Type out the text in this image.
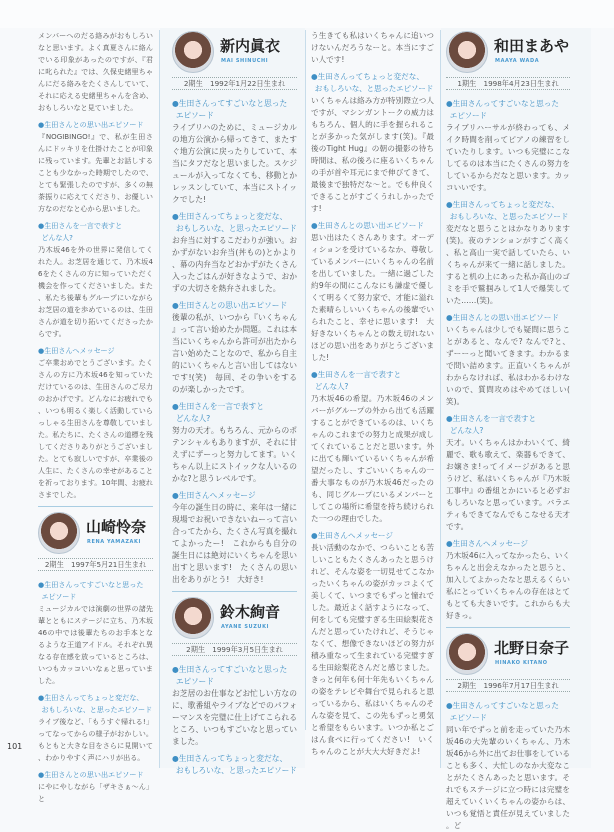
メンバーへのだる絡みがおもしろいなと思います。よく真夏さんに絡んでいる印象があったのですが、『君に叱られた』では、久保史緒里ちゃんにだる絡みをたくさんしていて、それに応える史緒里ちゃんを含め、おもしろいなと見ていました。
●生田さんとの思い出エピソード
『NOGIBINGO!』で、私が生田さんにドッキリを仕掛けたことが印象に残っています。先輩とお話しすることも少なかった時期でしたので、とても緊張したのですが、多くの無茶振りに応えてくださり、お優しい方なのだなと心から思いました。
●生田さんを一言で表すと
どんな人?
乃木坂46を外の世界に発信してくれた人。お芝居を通じて、乃木坂46をたくさんの方に知っていただく機会を作ってくださいました。また、私たち後輩もグループにいながらお芝居の道を歩めているのは、生田さんが道を切り拓いてくださったからです。
●生田さんへメッセージ
ご卒業おめでとうございます。たくさんの方に乃木坂46を知っていただけているのは、生田さんのご尽力のおかげです。どんなにお疲れでも、いつも明るく楽しく活動していらっしゃる生田さんを尊敬していました。私たちに、たくさんの道標を残してくださりありがとうございました。とても寂しいですが、卒業後の人生に、たくさんの幸せがあることを祈っております。10年間、お疲れさまでした。
山崎怜奈
RENA YAMAZAKI
2期生　1997年5月21日生まれ
●生田さんってすごいなと思った
エピソード
ミュージカルでは演劇の世界の諸先輩とともにステージに立ち、乃木坂46の中では後輩たちのお手本となるような王道アイドル。それぞれ異なる存在感を放っているところは、いつもカッコいいなぁと思っていました。
●生田さんってちょっと変だな、
おもしろいな、と思ったエピソード
ライブ後など、「もうすぐ帰れる!」ってなってからの様子がおかしい。もともと大きな目をさらに見開いて、わかりやすく声にハリが出る。
●生田さんとの思い出エピソード
にやにやしながら「ザキさぁ〜ん」と
新内眞衣
MAI SHINUCHI
2期生　1992年1月22日生まれ
●生田さんってすごいなと思った
エピソード
ライブリハのために、ミュージカルの地方公演から帰ってきて、またすぐ地方公演に戻ったりしていて、本当にタフだなと思いました。スケジュールが入ってなくても、移動とかレッスンしていて、本当にストイックでした!
●生田さんってちょっと変だな、
おもしろいな、と思ったエピソード
お弁当に対するこだわりが強い。おかずがないお弁当(丼もの)とかより、幕の内弁当などおかずがたくさん入ったごはんが好きなようで、おかずの大切さを熱弁されました。
●生田さんとの思い出エピソード
後輩の私が、いつから『いくちゃん』って言い始めたか問題。これは本当にいくちゃんから許可が出たから言い始めたことなので、私から自主的にいくちゃんと言い出してはないです!(笑)　毎回、その争いをするのが楽しかったです。
●生田さんを一言で表すと
どんな人?
努力の天才。もちろん、元からのポテンシャルもありますが、それに甘えずにずーっと努力してます。いくちゃん以上にストイックな人いるのかな?と思うレベルです。
●生田さんへメッセージ
今年の誕生日の時に、来年は一緒に現場でお祝いできないねーって言い合ってたから、たくさん写真を撮れてよかったー!　これからも自分の誕生日には絶対にいくちゃんを思い出すと思います!　たくさんの思い出をありがとう!　大好き!
鈴木絢音
AYANE SUZUKI
2期生　1999年3月5日生まれ
●生田さんってすごいなと思った
エピソード
お芝居のお仕事などお忙しい方なのに、歌番組やライブなどでのパフォーマンスを完璧に仕上げてこられるところ、いつもすごいなと思っていました。
●生田さんってちょっと変だな、
おもしろいな、と思ったエピソード
う生きても私はいくちゃんに追いつけないんだろうなーと。本当にすごい人です!
●生田さんってちょっと変だな、
おもしろいな、と思ったエピソード
いくちゃんは絡み方が特別際立つ人ですが、マシンガントークの威力はもちろん、個人的に手を握られることが多かった気がします(笑)。『最後のTight Hug』の朝の撮影の待ち時間は、私の後ろに座るいくちゃんの手が首や耳元にまで伸びてきて、最後まで独特だな〜と。でも仲良くできることがすごくうれしかったです!
●生田さんとの思い出エピソード
思い出はたくさんあります。オーディションを受けているなか、尊敬しているメンバーにいくちゃんの名前を出していました。一緒に過ごした約9年の間にこんなにも謙虚で優しくて明るくて努力家で、才能に溢れた素晴らしいいくちゃんの後輩でいられたこと、幸せに思います!　大好きないくちゃんとの数え切れないほどの思い出をありがとうございました!
●生田さんを一言で表すと
どんな人?
乃木坂46の希望。乃木坂46のメンバーがグループの外から出ても活躍することができているのは、いくちゃんのこれまでの努力と成果が成してくれていることだと思います。外に出ても輝いているいくちゃんが希望だったし、すごいいくちゃんの一番大事なものが乃木坂46だったのも、同じグループにいるメンバーとしてこの場所に希望を持ち続けられた一つの理由でした。
●生田さんへメッセージ
長い活動のなかで、つらいことも苦しいこともたくさんあったと思うけれど、そんな姿を一切見せてこなかったいくちゃんの姿がカッコよくて美しくて、いつまでもずっと憧れでした。最近よく話すようになって、何をしても完璧すぎる生田絵梨花さんだと思っていたけれど、そうじゃなくて、想像できないほどの努力が積み重なって生まれている完璧すぎる生田絵梨花さんだと感じました。きっと何年も何十年先もいくちゃんの姿をテレビや舞台で見られると思っているから、私はいくちゃんのそんな姿を見て、この先もずっと勇気と希望をもらいます。いつか私とごはん食べに行ってください!　いくちゃんのことが大大大好きだよ!
和田まあや
MAAYA WADA
1期生　1998年4月23日生まれ
●生田さんってすごいなと思った
エピソード
ライブリハーサルが終わっても、メイク時間を削ってピアノの練習をしていたりします。いつも完璧にこなしてるのは本当にたくさんの努力をしているからだなと思います。カッコいいです。
●生田さんってちょっと変だな、
おもしろいな、と思ったエピソード
変だなと思うことはかなりあります(笑)。夜のテンションがすごく高く、私と高山一実で話していたら、いくちゃんが来て一緒に話しました。すると机の上にあった私か高山のゴミを手で鷲掴みして1人で爆笑していた……(笑)。
●生田さんとの思い出エピソード
いくちゃんは少しでも疑問に思うことがあると、なんで? なんで?と、ずーーっと聞いてきます。わかるまで問い詰めます。正直いくちゃんがわからなければ、私はわかるわけないので、質問攻めはやめてほしい(笑)。
●生田さんを一言で表すと
どんな人?
天才。いくちゃんはかわいくて、綺麗で、歌も歌えて、楽器もできて、お嬢さま!ってイメージがあると思うけど、私はいくちゃんが『乃木坂工事中』の番組とかにいると必ずおもしろいなと思っています。バラエティもできてなんでもこなせる天才です。
●生田さんへメッセージ
乃木坂46に入ってなかったら、いくちゃんと出会えなかったと思うと、加入してよかったなと思えるくらい私にとっていくちゃんの存在はとてもとても大きいです。これからも大好きっ。
北野日奈子
HINAKO KITANO
2期生　1996年7月17日生まれ
●生田さんってすごいなと思った
エピソード
同い年でずっと前を走っていた乃木坂46の大先輩のいくちゃん、乃木坂46から外に出てお仕事をしていることも多く、大忙しのなか大変なことがたくさんあったと思います。それでもステージに立つ時には完璧を超えていくいくちゃんの姿からは、いつも覚悟と責任が見えていました。ど
101
